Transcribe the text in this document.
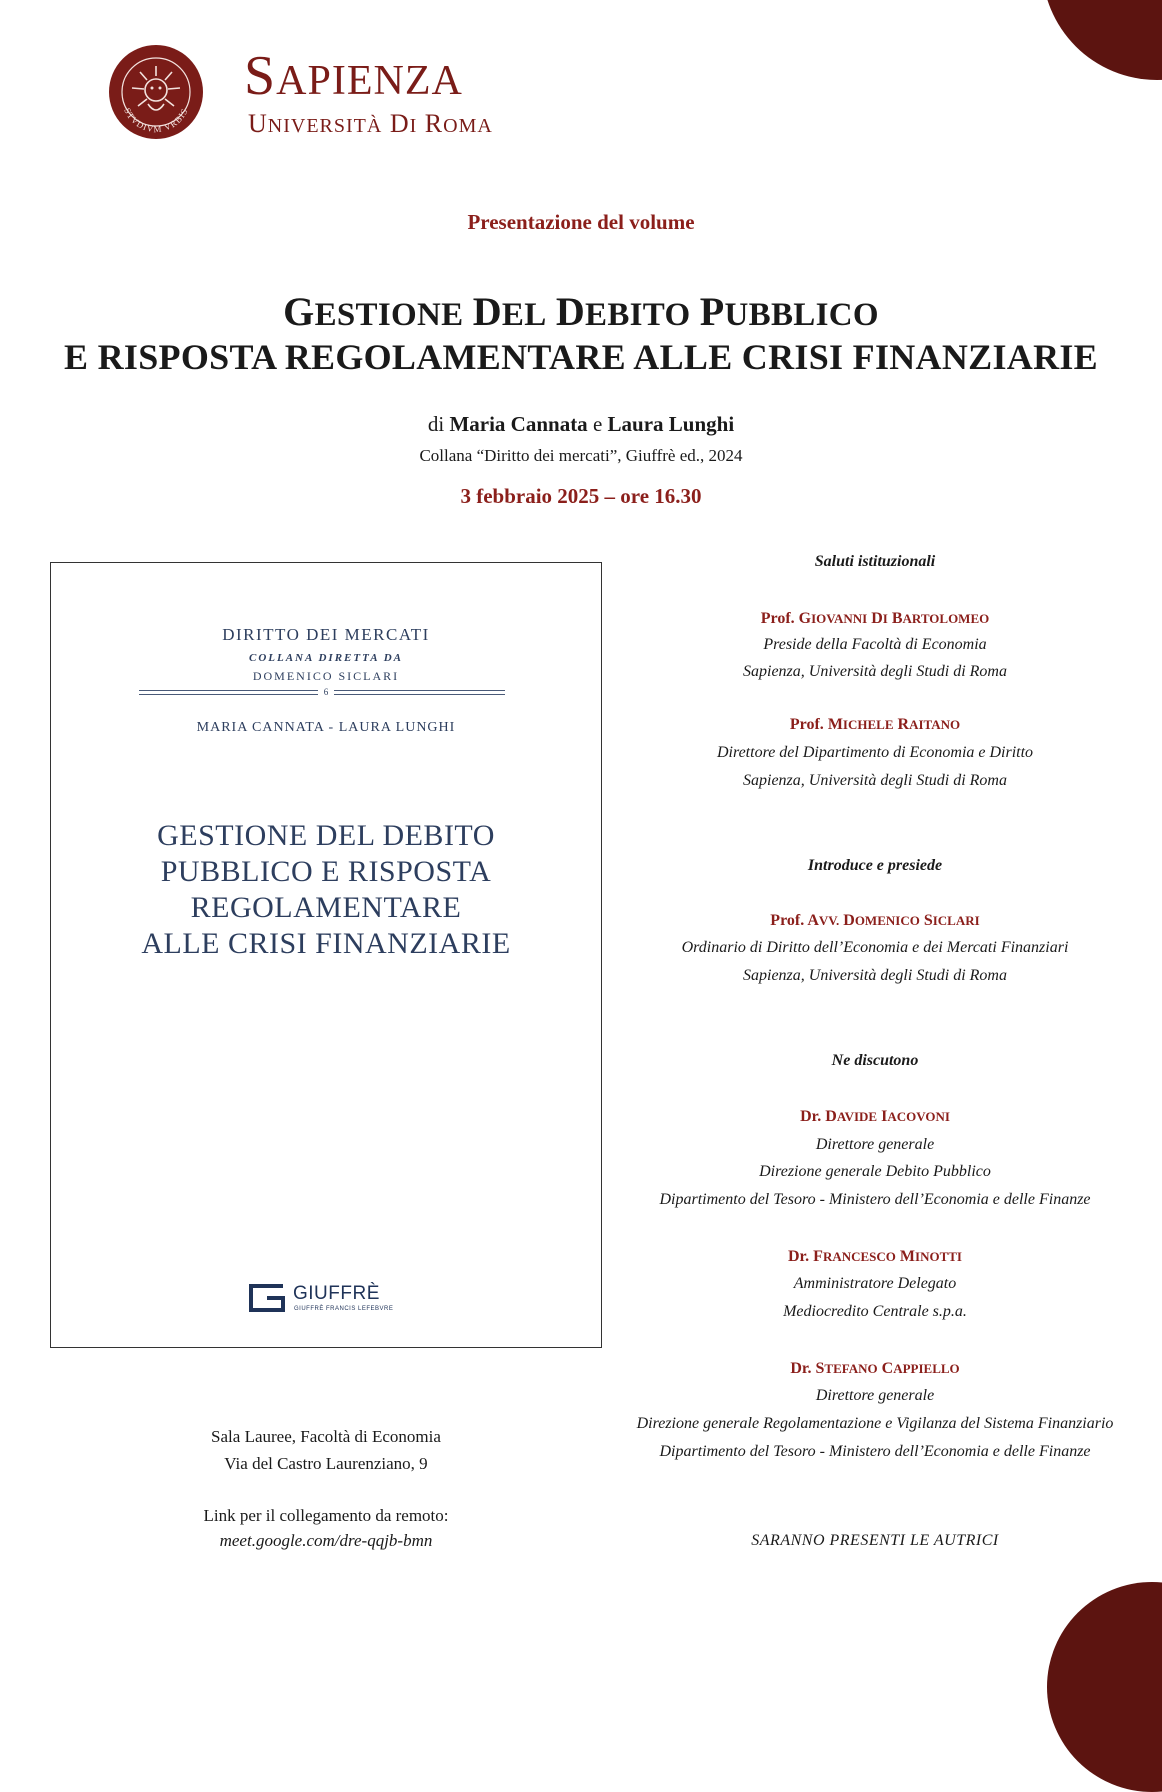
STVDIVM VRBIS
SAPIENZA
UNIVERSITÀ DI ROMA
Presentazione del volume
GESTIONE DEL DEBITO PUBBLICO
E RISPOSTA REGOLAMENTARE ALLE CRISI FINANZIARIE
di Maria Cannata e Laura Lunghi
Collana “Diritto dei mercati”, Giuffrè ed., 2024
3 febbraio 2025 – ore 16.30
DIRITTO DEI MERCATI
COLLANA DIRETTA DA
DOMENICO SICLARI
6
MARIA CANNATA - LAURA LUNGHI
GESTIONE DEL DEBITO
PUBBLICO E RISPOSTA
REGOLAMENTARE
ALLE CRISI FINANZIARIE
GIUFFRÈ
GIUFFRÈ FRANCIS LEFEBVRE
Sala Lauree, Facoltà di Economia
Via del Castro Laurenziano, 9
Link per il collegamento da remoto:
meet.google.com/dre-qqjb-bmn
Saluti istituzionali
Prof. GIOVANNI DI BARTOLOMEO
Preside della Facoltà di Economia
Sapienza, Università degli Studi di Roma
Prof. MICHELE RAITANO
Direttore del Dipartimento di Economia e Diritto
Sapienza, Università degli Studi di Roma
Introduce e presiede
Prof. AVV. DOMENICO SICLARI
Ordinario di Diritto dell’Economia e dei Mercati Finanziari
Sapienza, Università degli Studi di Roma
Ne discutono
Dr. DAVIDE IACOVONI
Direttore generale
Direzione generale Debito Pubblico
Dipartimento del Tesoro - Ministero dell’Economia e delle Finanze
Dr. FRANCESCO MINOTTI
Amministratore Delegato
Mediocredito Centrale s.p.a.
Dr. STEFANO CAPPIELLO
Direttore generale
Direzione generale Regolamentazione e Vigilanza del Sistema Finanziario
Dipartimento del Tesoro - Ministero dell’Economia e delle Finanze
SARANNO PRESENTI LE AUTRICI
